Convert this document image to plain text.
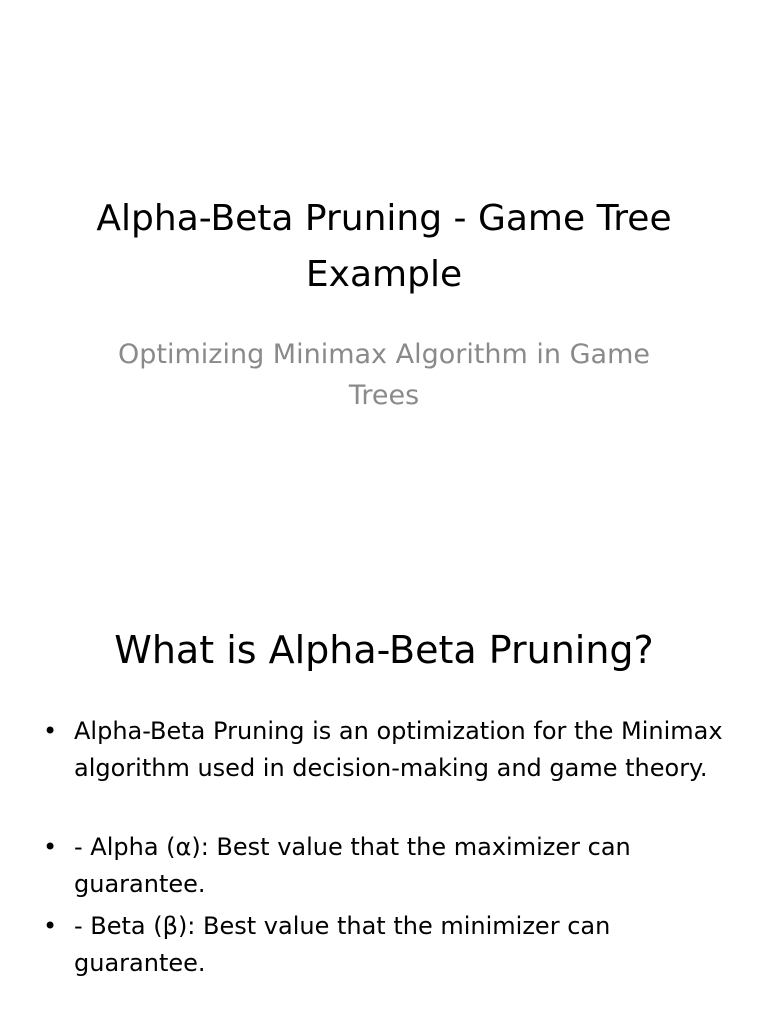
Alpha-Beta Pruning - Game Tree Example

Optimizing Minimax Algorithm in Game Trees

What is Alpha-Beta Pruning?
• Alpha-Beta Pruning is an optimization for the Minimax algorithm used in decision-making and game theory.
• - Alpha (α): Best value that the maximizer can guarantee.
• - Beta (β): Best value that the minimizer can guarantee.
